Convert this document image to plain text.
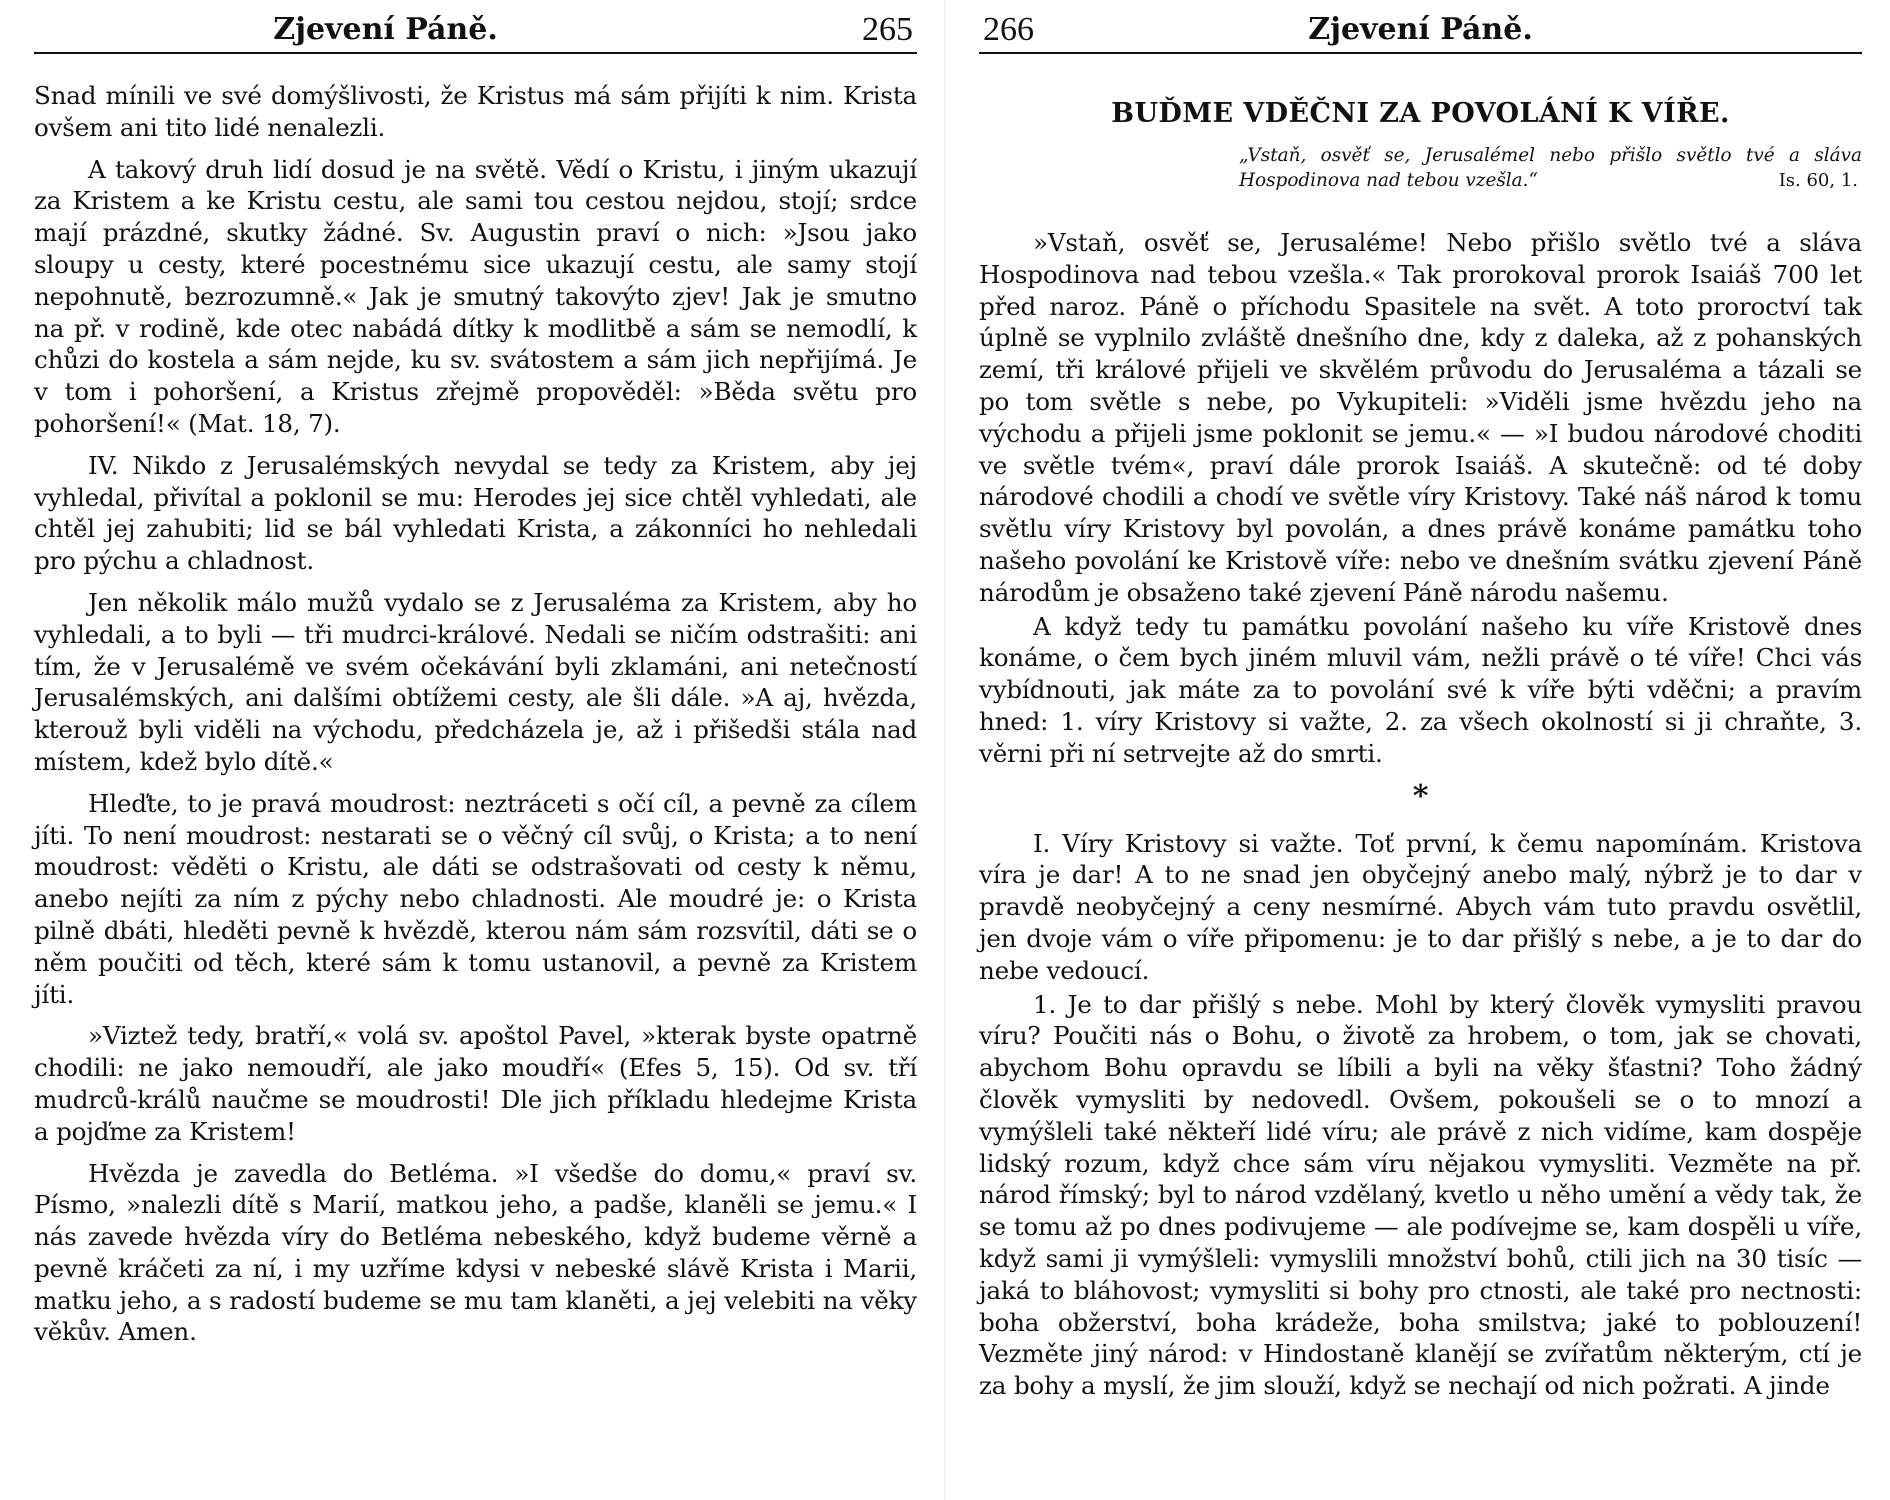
Zjevení Páně.	265

Snad mínili ve své domýšlivosti, že Kristus má sám přijíti k nim. Krista ovšem ani tito lidé nenalezli.

A takový druh lidí dosud je na světě. Vědí o Kristu, i jiným ukazují za Kristem a ke Kristu cestu, ale sami tou cestou nejdou, stojí; srdce mají prázdné, skutky žádné. Sv. Augustin praví o nich: »Jsou jako sloupy u cesty, které pocestnému sice ukazují cestu, ale samy stojí nepohnutě, bezrozumně.« Jak je smutný takovýto zjev! Jak je smutno na př. v rodině, kde otec nabádá dítky k modlitbě a sám se nemodlí, k chůzi do kostela a sám nejde, ku sv. svátostem a sám jich nepřijímá. Je v tom i pohoršení, a Kristus zřejmě propověděl: »Běda světu pro pohoršení!« (Mat. 18, 7).

IV. Nikdo z Jerusalémských nevydal se tedy za Kristem, aby jej vyhledal, přivítal a poklonil se mu: Herodes jej sice chtěl vyhledati, ale chtěl jej zahubiti; lid se bál vyhledati Krista, a zákonníci ho nehledali pro pýchu a chladnost.

Jen několik málo mužů vydalo se z Jerusaléma za Kristem, aby ho vyhledali, a to byli — tři mudrci-králové. Nedali se ničím odstrašiti: ani tím, že v Jerusalémě ve svém očekávání byli zklamáni, ani netečností Jerusalémských, ani dalšími obtížemi cesty, ale šli dále. »A aj, hvězda, kterouž byli viděli na východu, předcházela je, až i přišedši stála nad místem, kdež bylo dítě.«

Hleďte, to je pravá moudrost: neztráceti s očí cíl, a pevně za cílem jíti. To není moudrost: nestarati se o věčný cíl svůj, o Krista; a to není moudrost: věděti o Kristu, ale dáti se odstrašovati od cesty k němu, anebo nejíti za ním z pýchy nebo chladnosti. Ale moudré je: o Krista pilně dbáti, hleděti pevně k hvězdě, kterou nám sám rozsvítil, dáti se o něm poučiti od těch, které sám k tomu ustanovil, a pevně za Kristem jíti.

»Viztež tedy, bratří,« volá sv. apoštol Pavel, »kterak byste opatrně chodili: ne jako nemoudří, ale jako moudří« (Efes 5, 15). Od sv. tří mudrců-králů naučme se moudrosti! Dle jich příkladu hledejme Krista a pojďme za Kristem!

Hvězda je zavedla do Betléma. »I všedše do domu,« praví sv. Písmo, »nalezli dítě s Marií, matkou jeho, a padše, klaněli se jemu.« I nás zavede hvězda víry do Betléma nebeského, když budeme věrně a pevně kráčeti za ní, i my uzříme kdysi v nebeské slávě Krista i Marii, matku jeho, a s radostí budeme se mu tam klaněti, a jej velebiti na věky věkův. Amen.

266	Zjevení Páně.
BUĎME VDĚČNI ZA POVOLÁNÍ K VÍŘE.
„Vstaň, osvěť se, Jerusalémel nebo přišlo světlo tvé a sláva Hospodinova nad tebou vzešla.“	Is. 60, 1.

»Vstaň, osvěť se, Jerusaléme! Nebo přišlo světlo tvé a sláva Hospodinova nad tebou vzešla.« Tak prorokoval prorok Isaiáš 700 let před naroz. Páně o příchodu Spasitele na svět. A toto proroctví tak úplně se vyplnilo zvláště dnešního dne, kdy z daleka, až z pohanských zemí, tři králové přijeli ve skvělém průvodu do Jerusaléma a tázali se po tom světle s nebe, po Vykupiteli: »Viděli jsme hvězdu jeho na východu a přijeli jsme poklonit se jemu.« — »I budou národové choditi ve světle tvém«, praví dále prorok Isaiáš. A skutečně: od té doby národové chodili a chodí ve světle víry Kristovy. Také náš národ k tomu světlu víry Kristovy byl povolán, a dnes právě konáme památku toho našeho povolání ke Kristově víře: nebo ve dnešním svátku zjevení Páně národům je obsaženo také zjevení Páně národu našemu.

A když tedy tu památku povolání našeho ku víře Kristově dnes konáme, o čem bych jiném mluvil vám, nežli právě o té víře! Chci vás vybídnouti, jak máte za to povolání své k víře býti vděčni; a pravím hned: 1. víry Kristovy si važte, 2. za všech okolností si ji chraňte, 3. věrni při ní setrvejte až do smrti.

*

I. Víry Kristovy si važte. Toť první, k čemu napomínám. Kristova víra je dar! A to ne snad jen obyčejný anebo malý, nýbrž je to dar v pravdě neobyčejný a ceny nesmírné. Abych vám tuto pravdu osvětlil, jen dvoje vám o víře připomenu: je to dar přišlý s nebe, a je to dar do nebe vedoucí.

1. Je to dar přišlý s nebe. Mohl by který člověk vymysliti pravou víru? Poučiti nás o Bohu, o životě za hrobem, o tom, jak se chovati, abychom Bohu opravdu se líbili a byli na věky šťastni? Toho žádný člověk vymysliti by nedovedl. Ovšem, pokoušeli se o to mnozí a vymýšleli také někteří lidé víru; ale právě z nich vidíme, kam dospěje lidský rozum, když chce sám víru nějakou vymysliti. Vezměte na př. národ římský; byl to národ vzdělaný, kvetlo u něho umění a vědy tak, že se tomu až po dnes podivujeme — ale podívejme se, kam dospěli u víře, když sami ji vymýšleli: vymyslili množství bohů, ctili jich na 30 tisíc — jaká to bláhovost; vymysliti si bohy pro ctnosti, ale také pro nectnosti: boha obžerství, boha krádeže, boha smilstva; jaké to poblouzení! Vezměte jiný národ: v Hindostaně klanějí se zvířatům některým, ctí je za bohy a myslí, že jim slouží, když se nechají od nich požrati. A jinde
